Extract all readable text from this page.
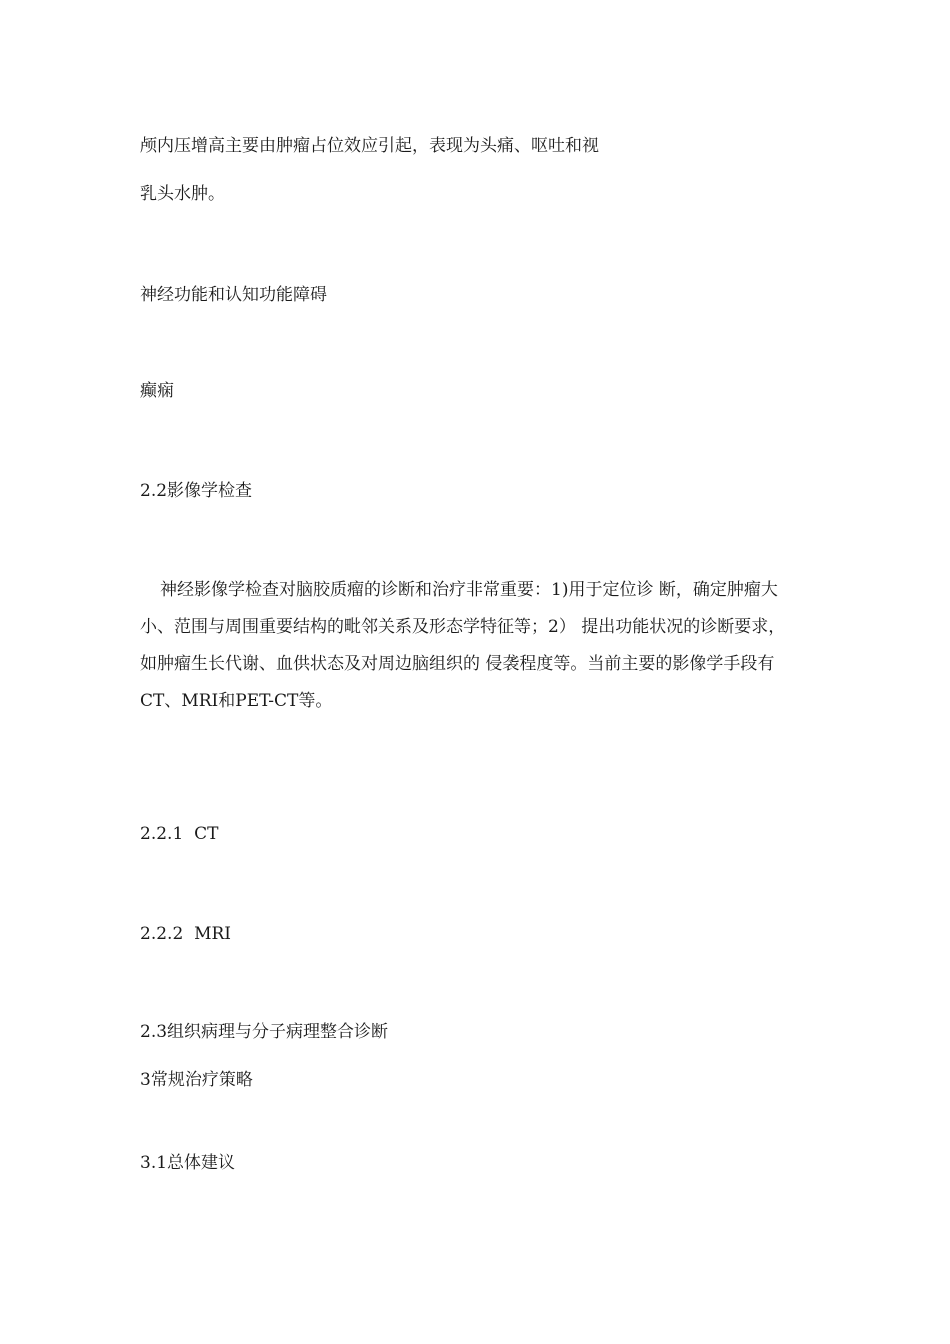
颅内压增高主要由肿瘤占位效应引起，表现为头痛、呕吐和视
乳头水肿。
神经功能和认知功能障碍
癫痫
2.2影像学检查
神经影像学检查对脑胶质瘤的诊断和治疗非常重要：1)用于定位诊 断，确定肿瘤大
小、范围与周围重要结构的毗邻关系及形态学特征等；2） 提出功能状况的诊断要求，
如肿瘤生长代谢、血供状态及对周边脑组织的 侵袭程度等。当前主要的影像学手段有
CT、MRI和PET-CT等。
2.2.1  CT
2.2.2  MRI
2.3组织病理与分子病理整合诊断
3常规治疗策略
3.1总体建议
